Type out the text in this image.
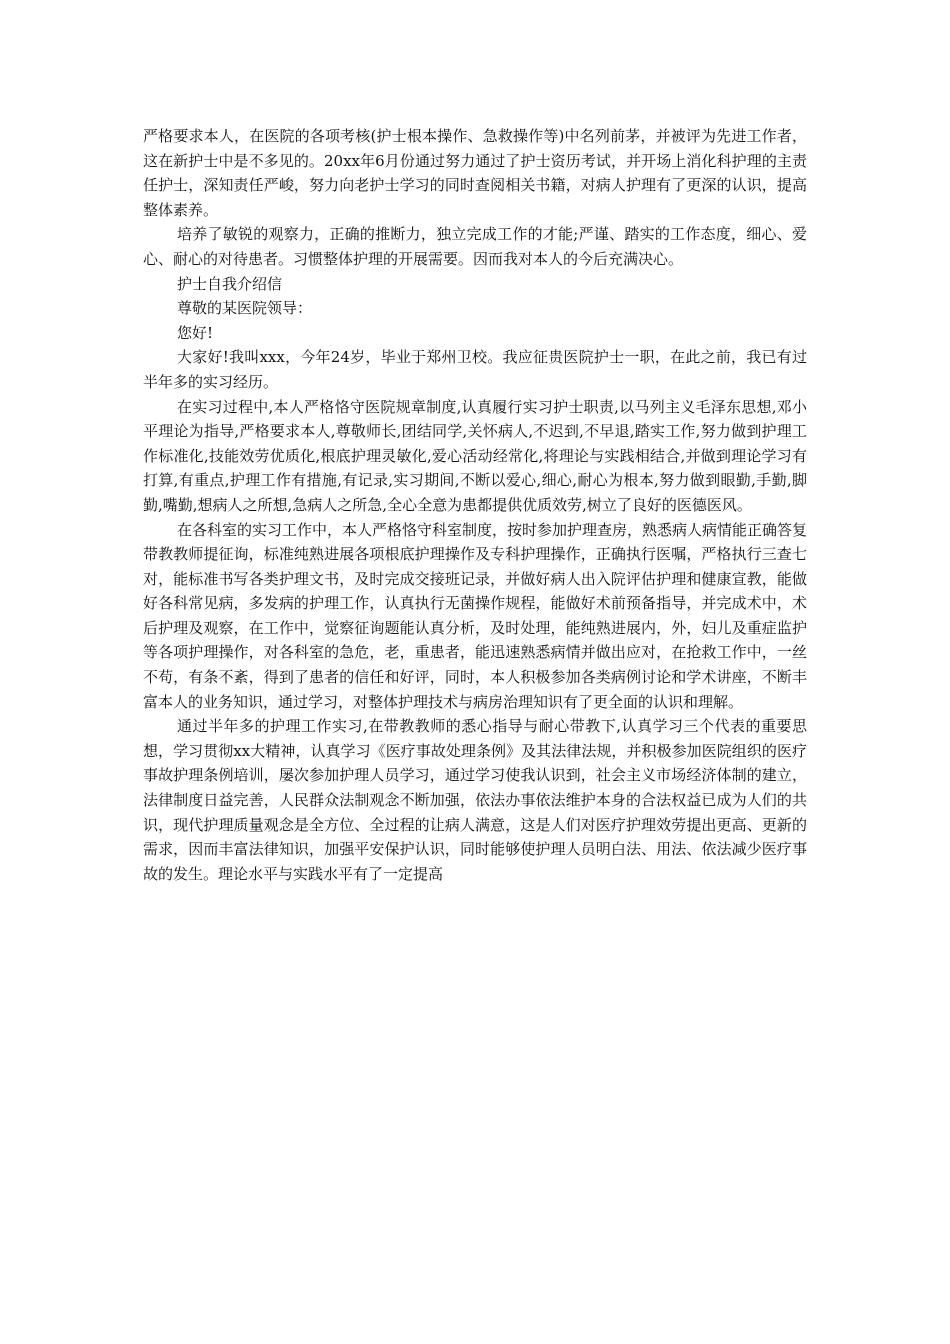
严格要求本人，在医院的各项考核(护士根本操作、急救操作等)中名列前茅，并被评为先进工作者，这在新护士中是不多见的。20xx年6月份通过努力通过了护士资历考试，并开场上消化科护理的主责任护士，深知责任严峻，努力向老护士学习的同时查阅相关书籍，对病人护理有了更深的认识，提高整体素养。

培养了敏锐的观察力，正确的推断力，独立完成工作的才能;严谨、踏实的工作态度，细心、爱心、耐心的对待患者。习惯整体护理的开展需要。因而我对本人的今后充满决心。

护士自我介绍信

尊敬的某医院领导：

您好!

大家好!我叫xxx，今年24岁，毕业于郑州卫校。我应征贵医院护士一职，在此之前，我已有过半年多的实习经历。

在实习过程中,本人严格恪守医院规章制度,认真履行实习护士职责,以马列主义毛泽东思想,邓小平理论为指导,严格要求本人,尊敬师长,团结同学,关怀病人,不迟到,不早退,踏实工作,努力做到护理工作标准化,技能效劳优质化,根底护理灵敏化,爱心活动经常化,将理论与实践相结合,并做到理论学习有打算,有重点,护理工作有措施,有记录,实习期间,不断以爱心,细心,耐心为根本,努力做到眼勤,手勤,脚勤,嘴勤,想病人之所想,急病人之所急,全心全意为患都提供优质效劳,树立了良好的医德医风。

在各科室的实习工作中，本人严格恪守科室制度，按时参加护理查房，熟悉病人病情能正确答复带教教师提征询，标准纯熟进展各项根底护理操作及专科护理操作，正确执行医嘱，严格执行三查七对，能标准书写各类护理文书，及时完成交接班记录，并做好病人出入院评估护理和健康宣教，能做好各科常见病，多发病的护理工作，认真执行无菌操作规程，能做好术前预备指导，并完成术中，术后护理及观察，在工作中，觉察征询题能认真分析，及时处理，能纯熟进展内，外，妇儿及重症监护等各项护理操作，对各科室的急危，老，重患者，能迅速熟悉病情并做出应对，在抢救工作中，一丝不苟，有条不紊，得到了患者的信任和好评，同时，本人积极参加各类病例讨论和学术讲座，不断丰富本人的业务知识，通过学习，对整体护理技术与病房治理知识有了更全面的认识和理解。

通过半年多的护理工作实习,在带教教师的悉心指导与耐心带教下,认真学习三个代表的重要思想，学习贯彻xx大精神，认真学习《医疗事故处理条例》及其法律法规，并积极参加医院组织的医疗事故护理条例培训，屡次参加护理人员学习，通过学习使我认识到，社会主义市场经济体制的建立，法律制度日益完善，人民群众法制观念不断加强，依法办事依法维护本身的合法权益已成为人们的共识，现代护理质量观念是全方位、全过程的让病人满意，这是人们对医疗护理效劳提出更高、更新的需求，因而丰富法律知识，加强平安保护认识，同时能够使护理人员明白法、用法、依法减少医疗事故的发生。理论水平与实践水平有了一定提高
